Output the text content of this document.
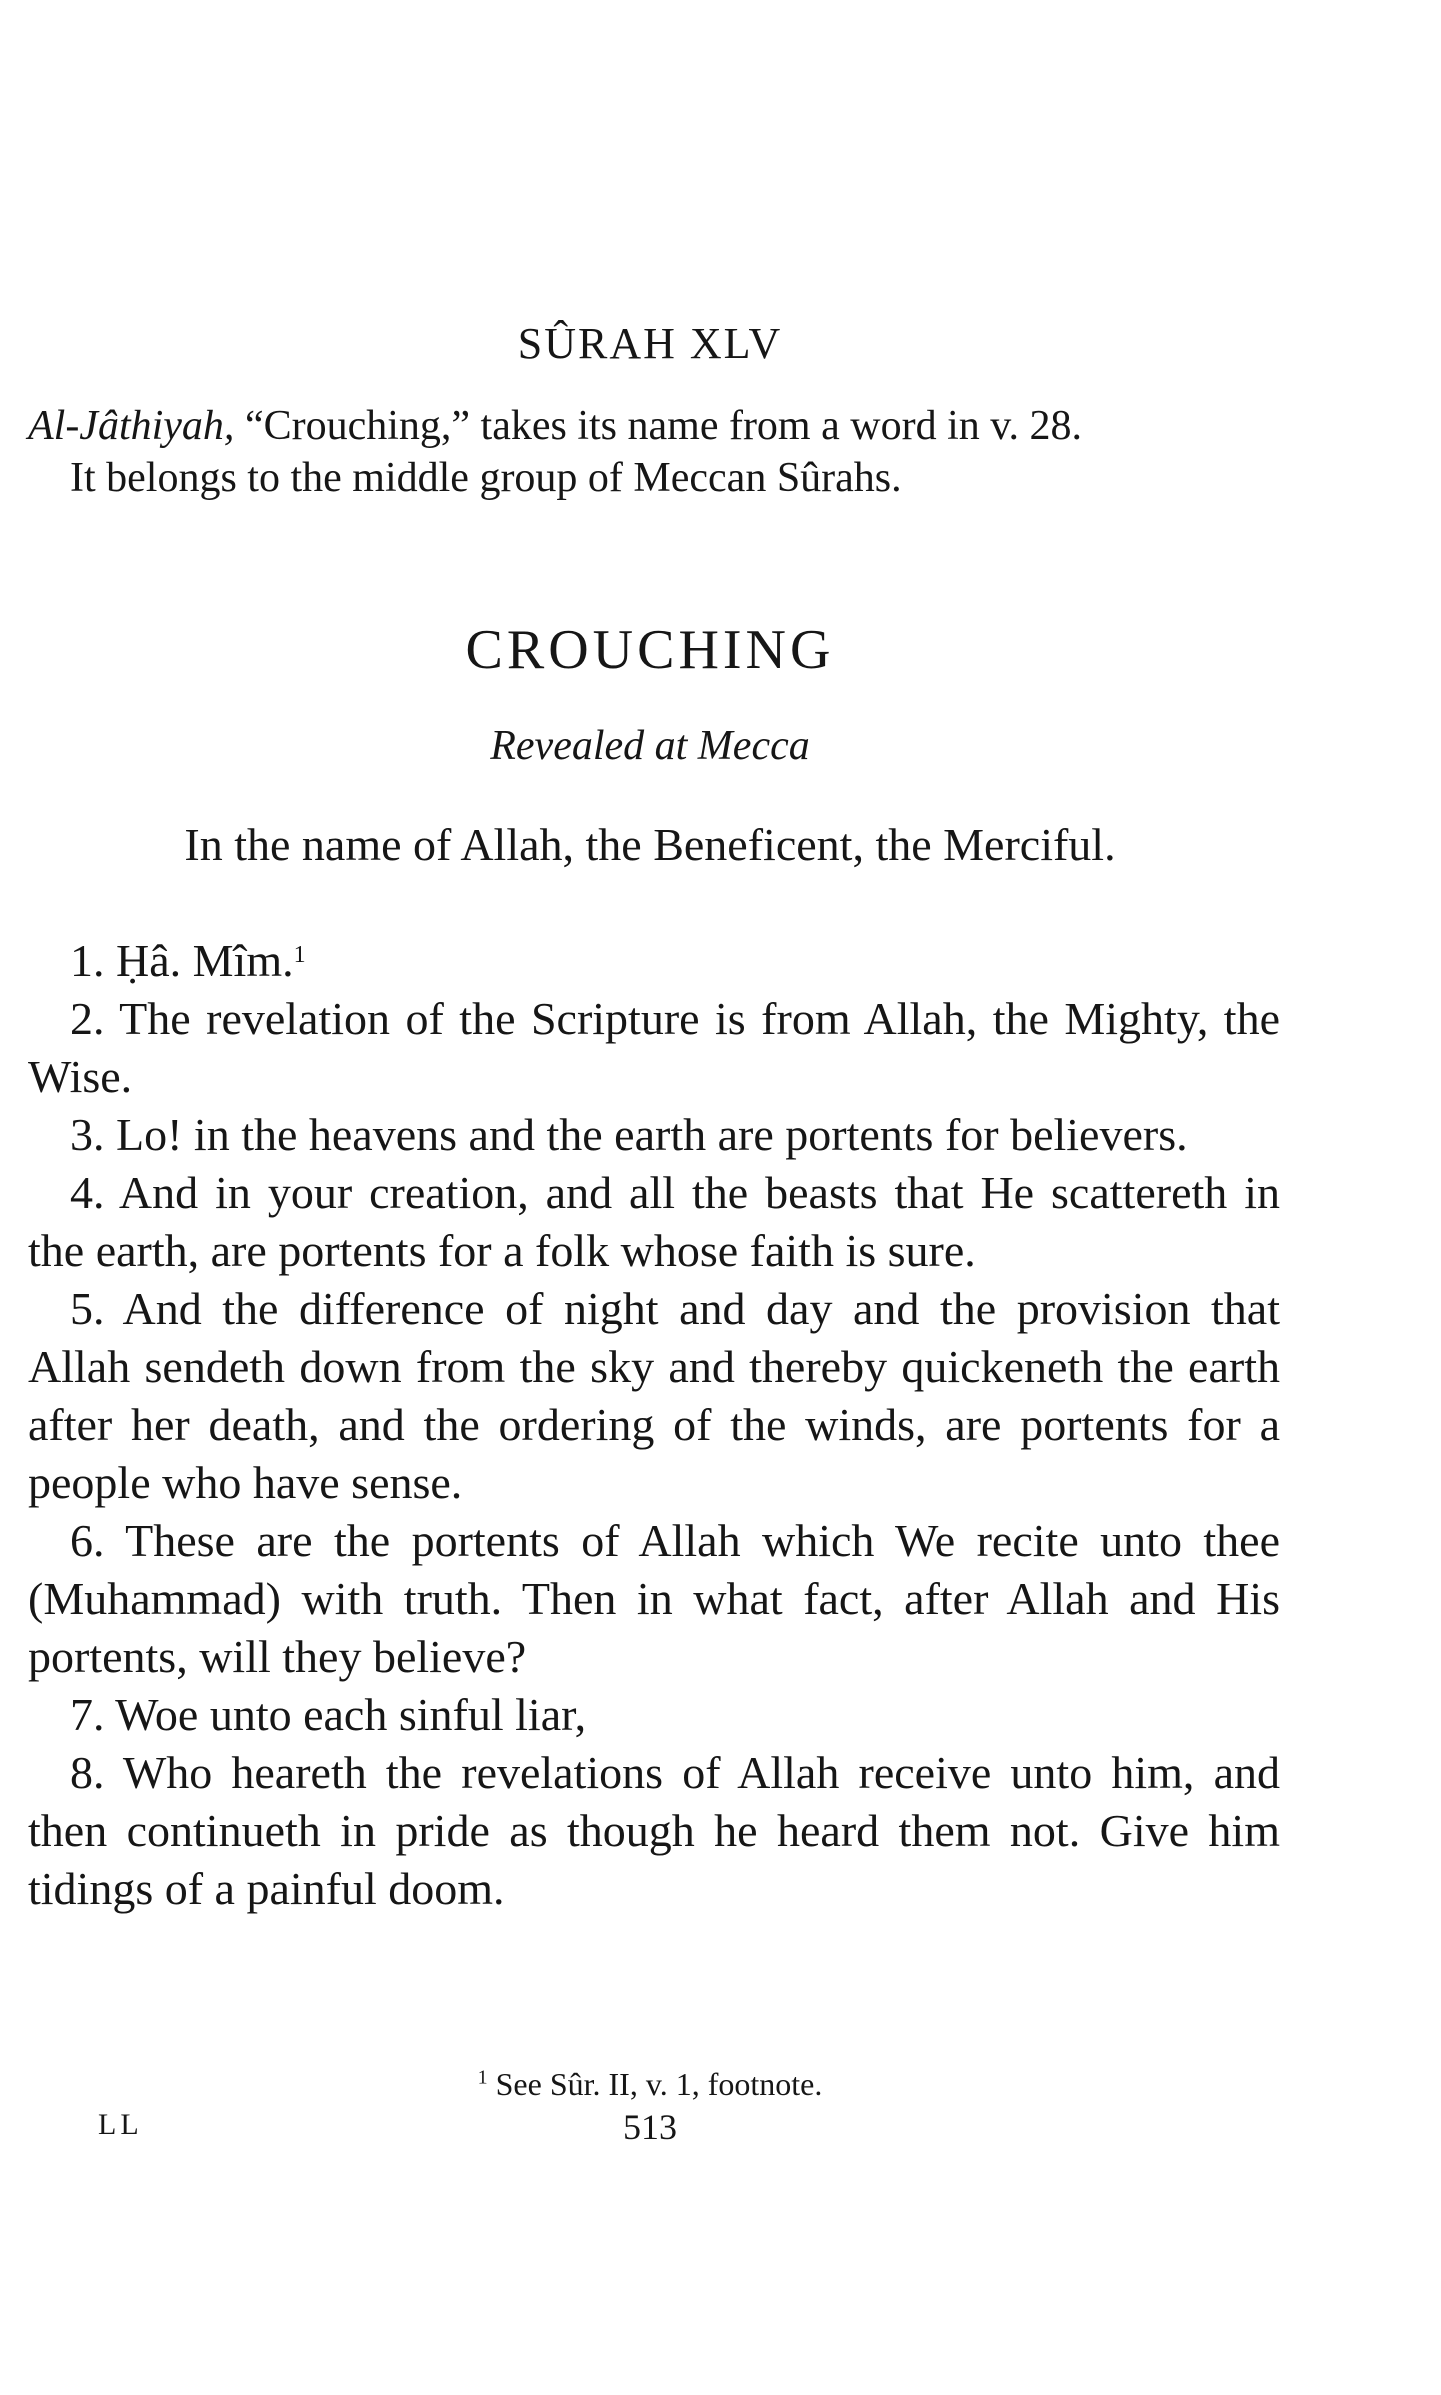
SÛRAH XLV
Al-Jâthiyah, “Crouching,” takes its name from a word in v. 28.
It belongs to the middle group of Meccan Sûrahs.
CROUCHING
Revealed at Mecca
In the name of Allah, the Beneficent, the Merciful.

1. Ḥâ. Mîm.$^1$

2. The revelation of the Scripture is from Allah, the Mighty, the Wise.

3. Lo! in the heavens and the earth are portents for believers.

4. And in your creation, and all the beasts that He scattereth in the earth, are portents for a folk whose faith is sure.

5. And the difference of night and day and the provision that Allah sendeth down from the sky and thereby quickeneth the earth after her death, and the ordering of the winds, are portents for a people who have sense.

6. These are the portents of Allah which We recite unto thee (Muhammad) with truth. Then in what fact, after Allah and His portents, will they believe?

7. Woe unto each sinful liar,

8. Who heareth the revelations of Allah receive unto him, and then continueth in pride as though he heard them not. Give him tidings of a painful doom.

$^1$ See Sûr. II, v. 1, footnote.
LL	513
